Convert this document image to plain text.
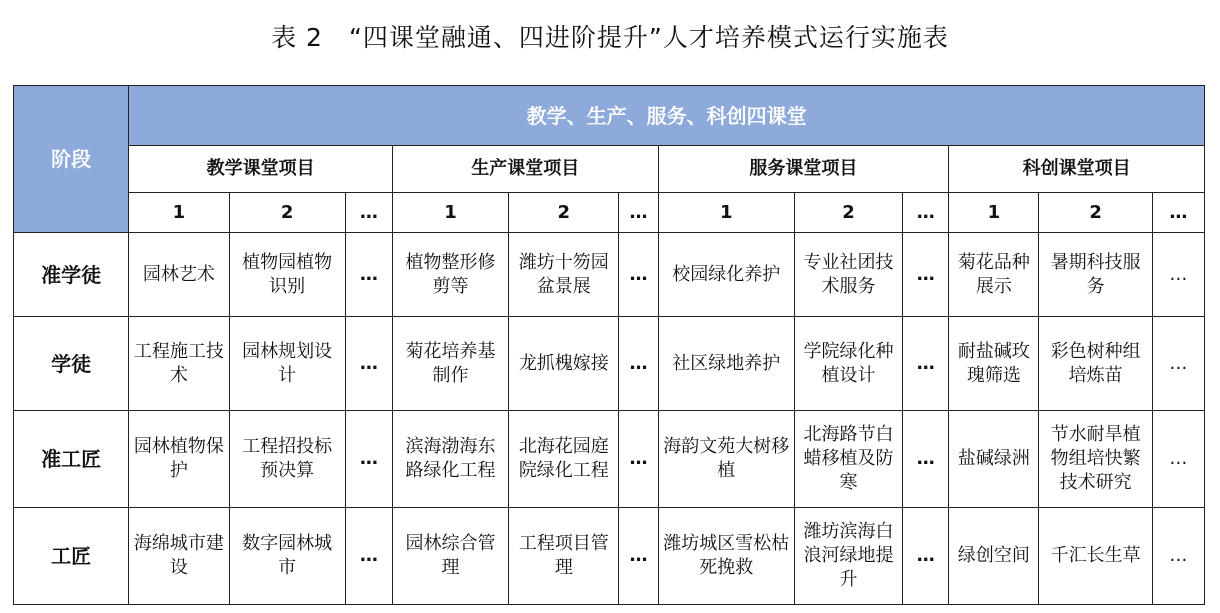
表 2　“四课堂融通、四进阶提升”人才培养模式运行实施表
阶段	教学、生产、服务、科创四课堂											
	教学课堂项目			生产课堂项目			服务课堂项目			科创课堂项目		
	1	2	…	1	2	…	1	2	…	1	2	…
准学徒	园林艺术	植物园植物识别	…	植物整形修剪等	潍坊十笏园盆景展	…	校园绿化养护	专业社团技术服务	…	菊花品种展示	暑期科技服务	…
学徒	工程施工技术	园林规划设计	…	菊花培养基制作	龙抓槐嫁接	…	社区绿地养护	学院绿化种植设计	…	耐盐碱玫瑰筛选	彩色树种组培炼苗	…
准工匠	园林植物保护	工程招投标预决算	…	滨海渤海东路绿化工程	北海花园庭院绿化工程	…	海韵文苑大树移植	北海路节白蜡移植及防寒	…	盐碱绿洲	节水耐旱植物组培快繁技术研究	…
工匠	海绵城市建设	数字园林城市	…	园林综合管理	工程项目管理	…	潍坊城区雪松枯死挽救	潍坊滨海白浪河绿地提升	…	绿创空间	千汇长生草	…
